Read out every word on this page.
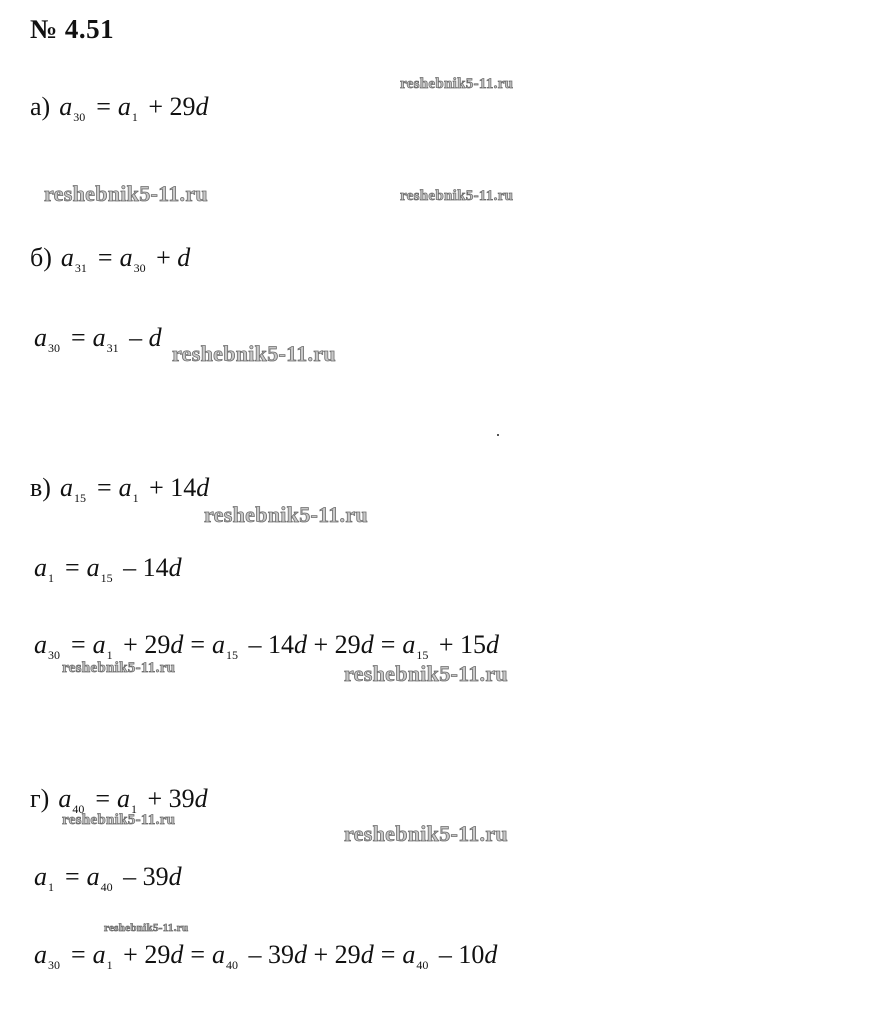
№ 4.51
reshebnik5-11.ru
reshebnik5-11.ru	reshebnik5-11.ru
reshebnik5-11.ru
reshebnik5-11.ru
reshebnik5-11.ru	reshebnik5-11.ru
reshebnik5-11.ru
reshebnik5-11.ru
reshebnik5-11.ru
а) $a_{30} = a_1 + 29d$
б) $a_{31} = a_{30} + d$
$a_{30} = a_{31} - d$
в) $a_{15} = a_1 + 14d$
$a_1 = a_{15} - 14d$
$a_{30} = a_1 + 29d = a_{15} - 14d + 29d = a_{15} + 15d$
г) $a_{40} = a_1 + 39d$
$a_1 = a_{40} - 39d$
$a_{30} = a_1 + 29d = a_{40} - 39d + 29d = a_{40} - 10d$
